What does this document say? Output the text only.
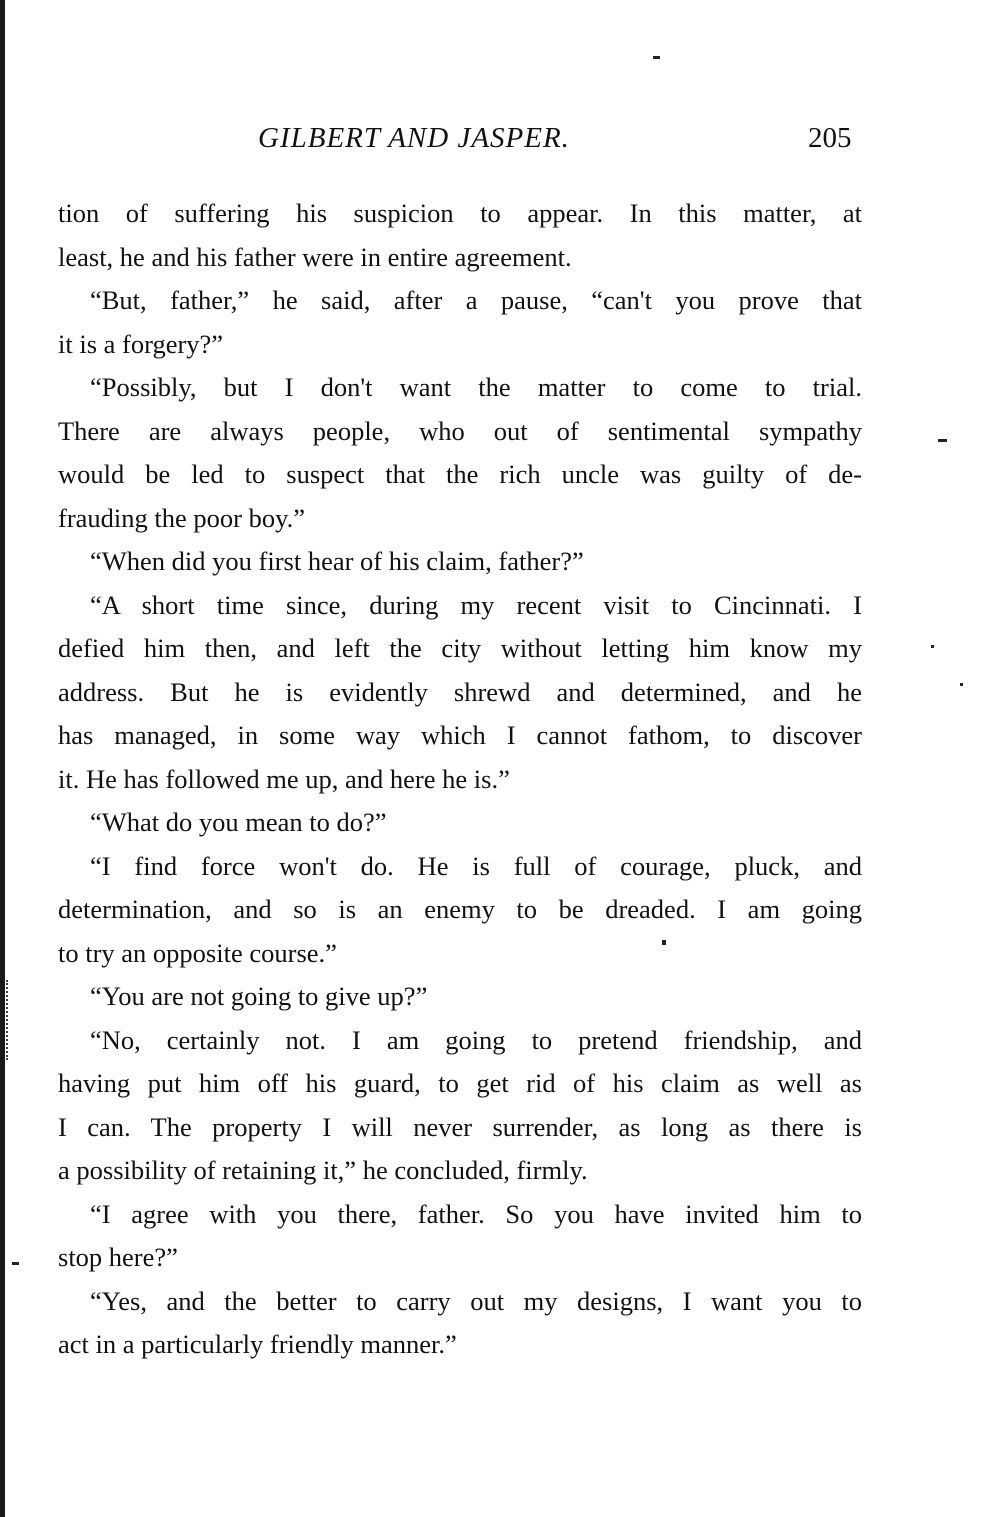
GILBERT AND JASPER.	205
tion of suffering his suspicion to appear. In this matter, at
least, he and his father were in entire agreement.
“But, father,” he said, after a pause, “can't you prove that
it is a forgery?”
“Possibly, but I don't want the matter to come to trial.
There are always people, who out of sentimental sympathy
would be led to suspect that the rich uncle was guilty of de-
frauding the poor boy.”
“When did you first hear of his claim, father?”
“A short time since, during my recent visit to Cincinnati. I
defied him then, and left the city without letting him know my
address. But he is evidently shrewd and determined, and he
has managed, in some way which I cannot fathom, to discover
it. He has followed me up, and here he is.”
“What do you mean to do?”
“I find force won't do. He is full of courage, pluck, and
determination, and so is an enemy to be dreaded. I am going
to try an opposite course.”
“You are not going to give up?”
“No, certainly not. I am going to pretend friendship, and
having put him off his guard, to get rid of his claim as well as
I can. The property I will never surrender, as long as there is
a possibility of retaining it,” he concluded, firmly.
“I agree with you there, father. So you have invited him to
stop here?”
“Yes, and the better to carry out my designs, I want you to
act in a particularly friendly manner.”
